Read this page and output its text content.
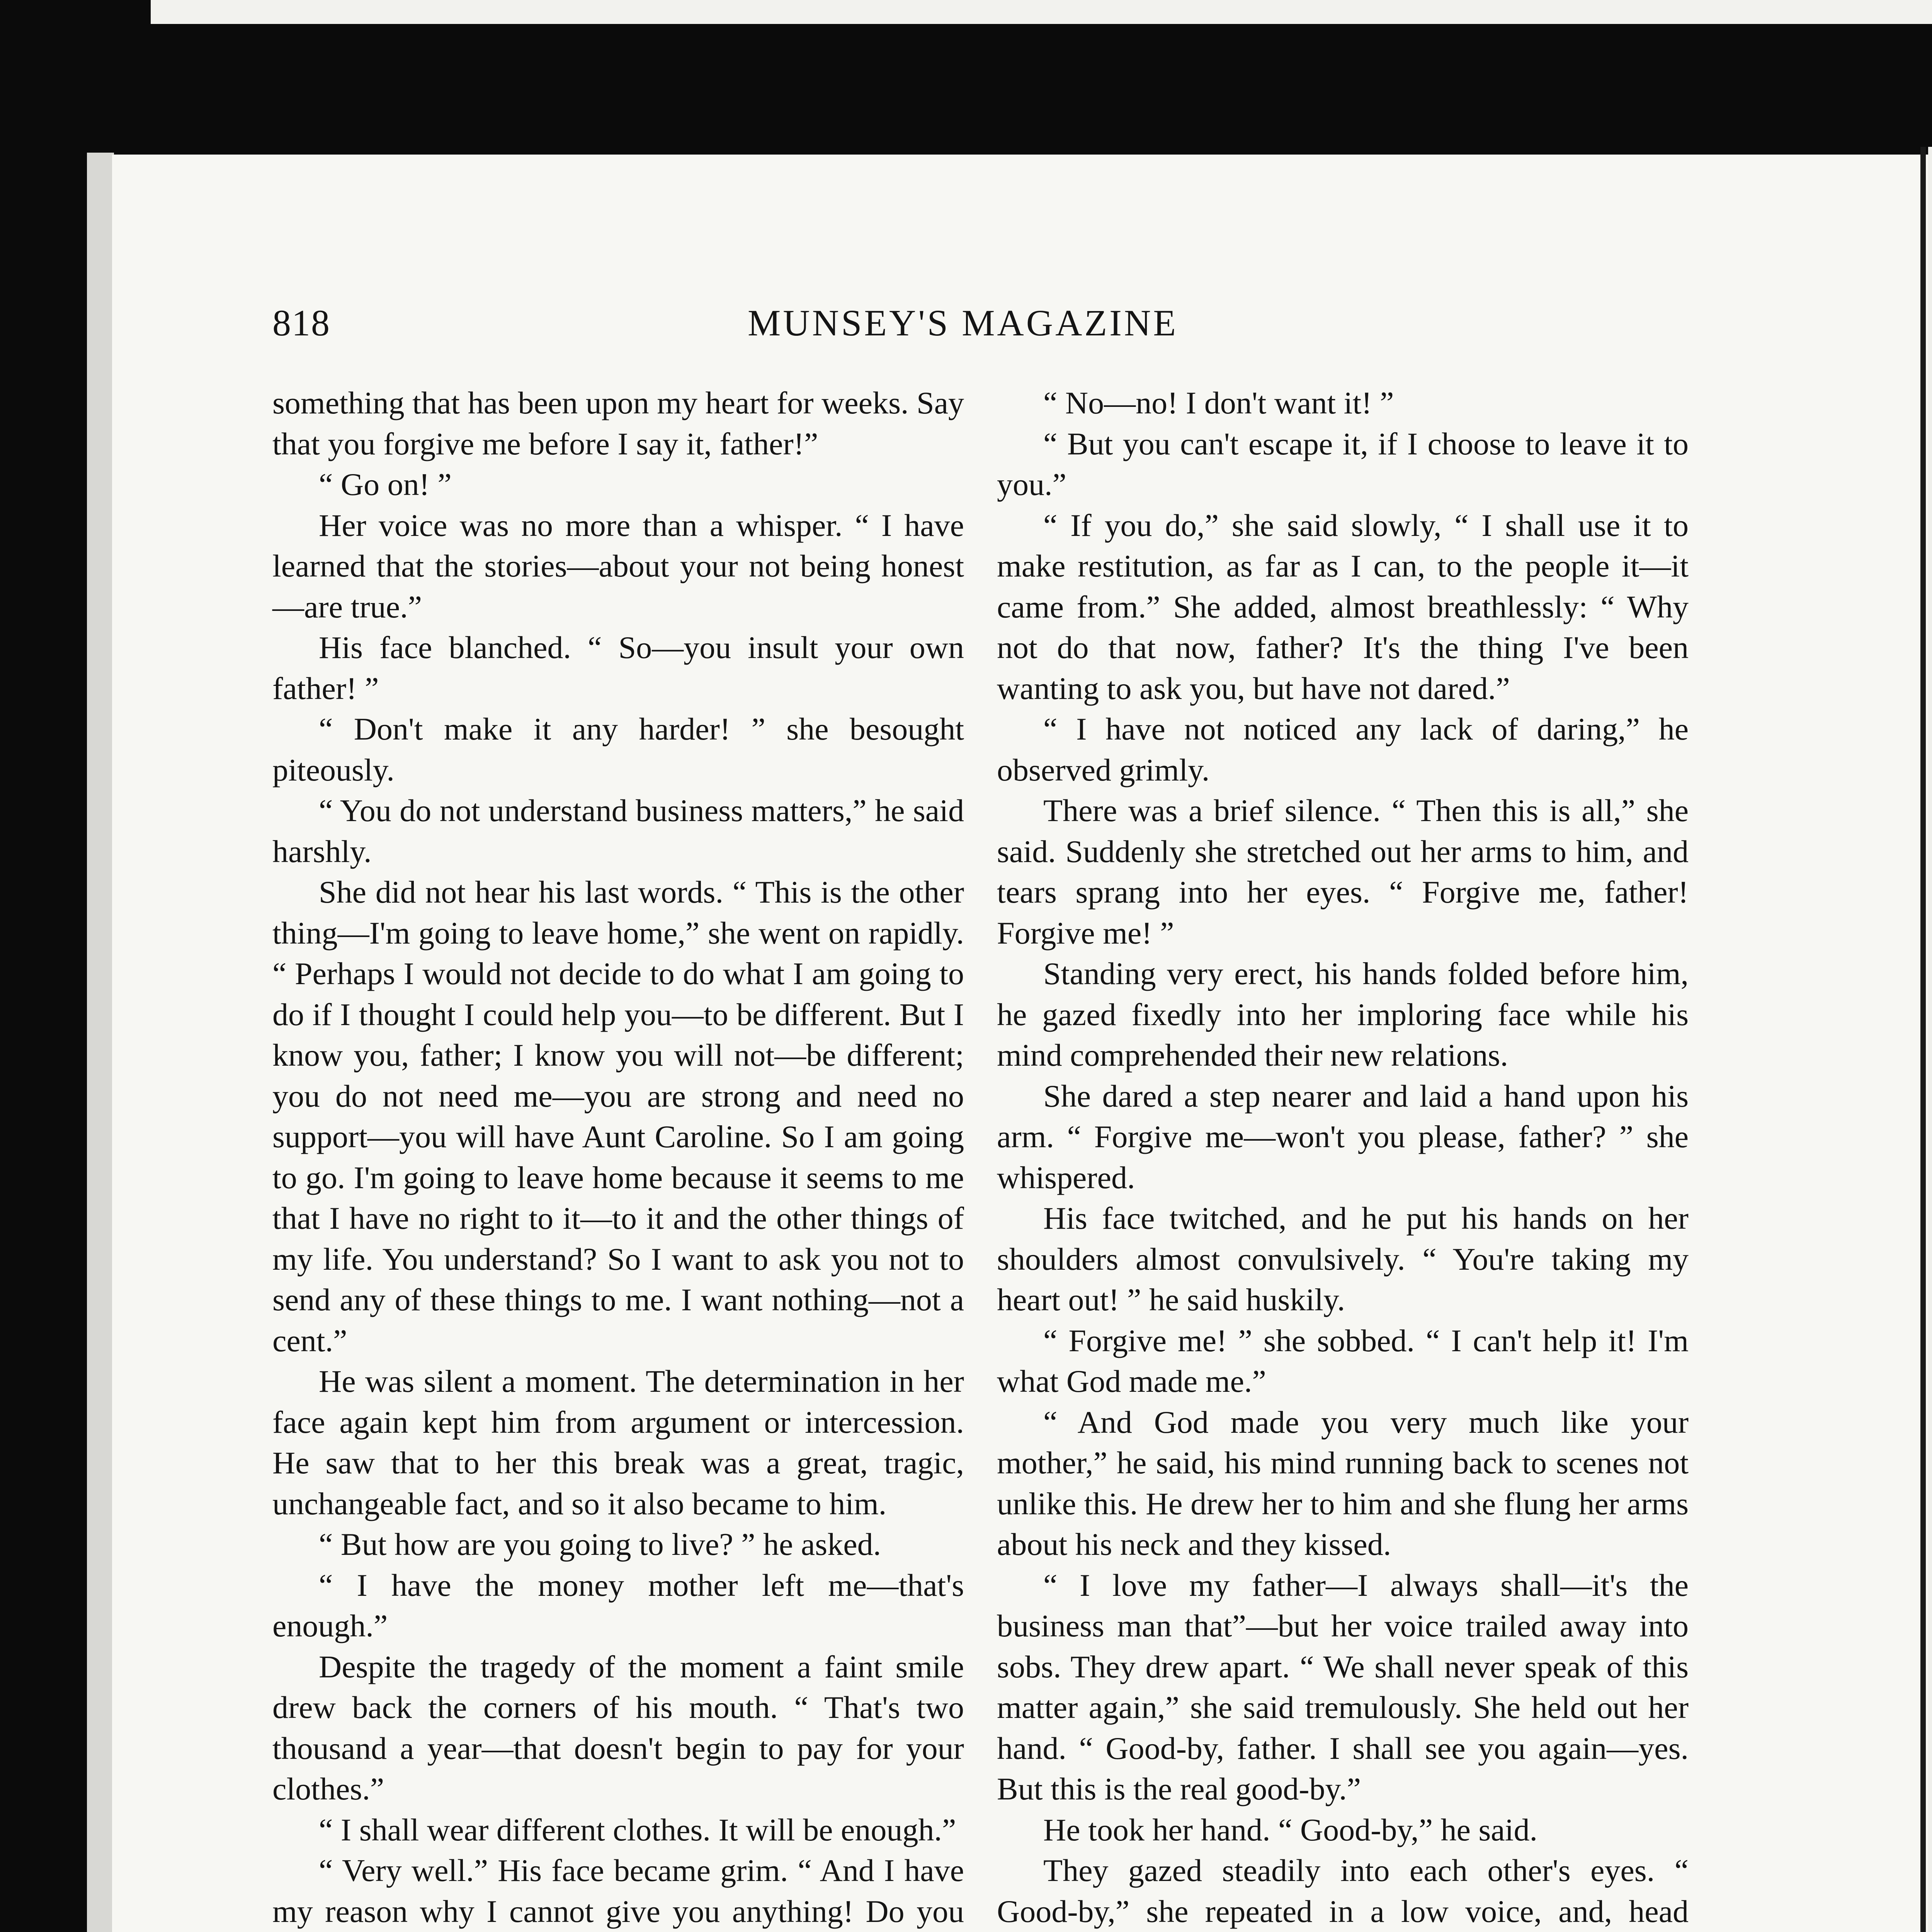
818	MUNSEY'S MAGAZINE

something that has been upon my heart for weeks. Say that you forgive me before I say it, father!”

“ Go on! ”

Her voice was no more than a whisper. “ I have learned that the stories—about your not being honest—are true.”

His face blanched. “ So—you insult your own father! ”

“ Don't make it any harder! ” she besought piteously.

“ You do not understand business matters,” he said harshly.

She did not hear his last words. “ This is the other thing—I'm going to leave home,” she went on rapidly. “ Perhaps I would not decide to do what I am going to do if I thought I could help you—to be different. But I know you, father; I know you will not—be different; you do not need me—you are strong and need no support—you will have Aunt Caroline. So I am going to go. I'm going to leave home because it seems to me that I have no right to it—to it and the other things of my life. You understand? So I want to ask you not to send any of these things to me. I want nothing—not a cent.”

He was silent a moment. The determination in her face again kept him from argument or intercession. He saw that to her this break was a great, tragic, unchangeable fact, and so it also became to him.

“ But how are you going to live? ” he asked.

“ I have the money mother left me—that's enough.”

Despite the tragedy of the moment a faint smile drew back the corners of his mouth. “ That's two thousand a year—that doesn't begin to pay for your clothes.”

“ I shall wear different clothes. It will be enough.”

“ Very well.” His face became grim. “ And I have my reason why I cannot give you anything! Do you

“ No—no! I don't want it! ”

“ But you can't escape it, if I choose to leave it to you.”

“ If you do,” she said slowly, “ I shall use it to make restitution, as far as I can, to the people it—it came from.” She added, almost breathlessly: “ Why not do that now, father? It's the thing I've been wanting to ask you, but have not dared.”

“ I have not noticed any lack of daring,” he observed grimly.

There was a brief silence. “ Then this is all,” she said. Suddenly she stretched out her arms to him, and tears sprang into her eyes. “ Forgive me, father! Forgive me! ”

Standing very erect, his hands folded before him, he gazed fixedly into her imploring face while his mind comprehended their new relations.

She dared a step nearer and laid a hand upon his arm. “ Forgive me—won't you please, father? ” she whispered.

His face twitched, and he put his hands on her shoulders almost convulsively. “ You're taking my heart out! ” he said huskily.

“ Forgive me! ” she sobbed. “ I can't help it! I'm what God made me.”

“ And God made you very much like your mother,” he said, his mind running back to scenes not unlike this. He drew her to him and she flung her arms about his neck and they kissed.

“ I love my father—I always shall—it's the business man that”—but her voice trailed away into sobs. They drew apart. “ We shall never speak of this matter again,” she said tremulously. She held out her hand. “ Good-by, father. I shall see you again—yes. But this is the real good-by.”

He took her hand. “ Good-by,” he said.

They gazed steadily into each other's eyes. “ Good-by,” she repeated in a low voice, and, head
